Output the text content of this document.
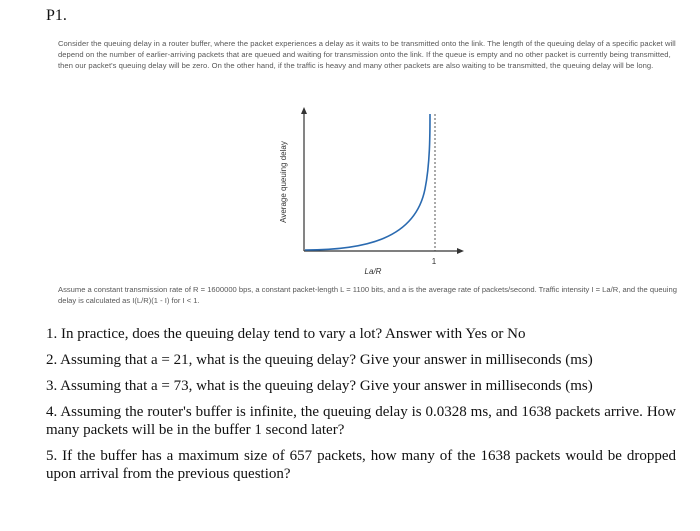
P1.
Consider the queuing delay in a router buffer, where the packet experiences a delay as it waits to be transmitted onto the link. The length of the queuing delay of a specific packet will depend on the number of earlier-arriving packets that are queued and waiting for transmission onto the link. If the queue is empty and no other packet is currently being transmitted, then our packet's queuing delay will be zero. On the other hand, if the traffic is heavy and many other packets are also waiting to be transmitted, the queuing delay will be long.
1
La/R
Average queuing delay
Assume a constant transmission rate of R = 1600000 bps, a constant packet-length L = 1100 bits, and a is the average rate of packets/second. Traffic intensity I = La/R, and the queuing delay is calculated as I(L/R)(1 - I) for I < 1.
1. In practice, does the queuing delay tend to vary a lot? Answer with Yes or No
2. Assuming that a = 21, what is the queuing delay? Give your answer in milliseconds (ms)
3. Assuming that a = 73, what is the queuing delay? Give your answer in milliseconds (ms)
4. Assuming the router's buffer is infinite, the queuing delay is 0.0328 ms, and 1638 packets arrive. How many packets will be in the buffer 1 second later?
5. If the buffer has a maximum size of 657 packets, how many of the 1638 packets would be dropped upon arrival from the previous question?
